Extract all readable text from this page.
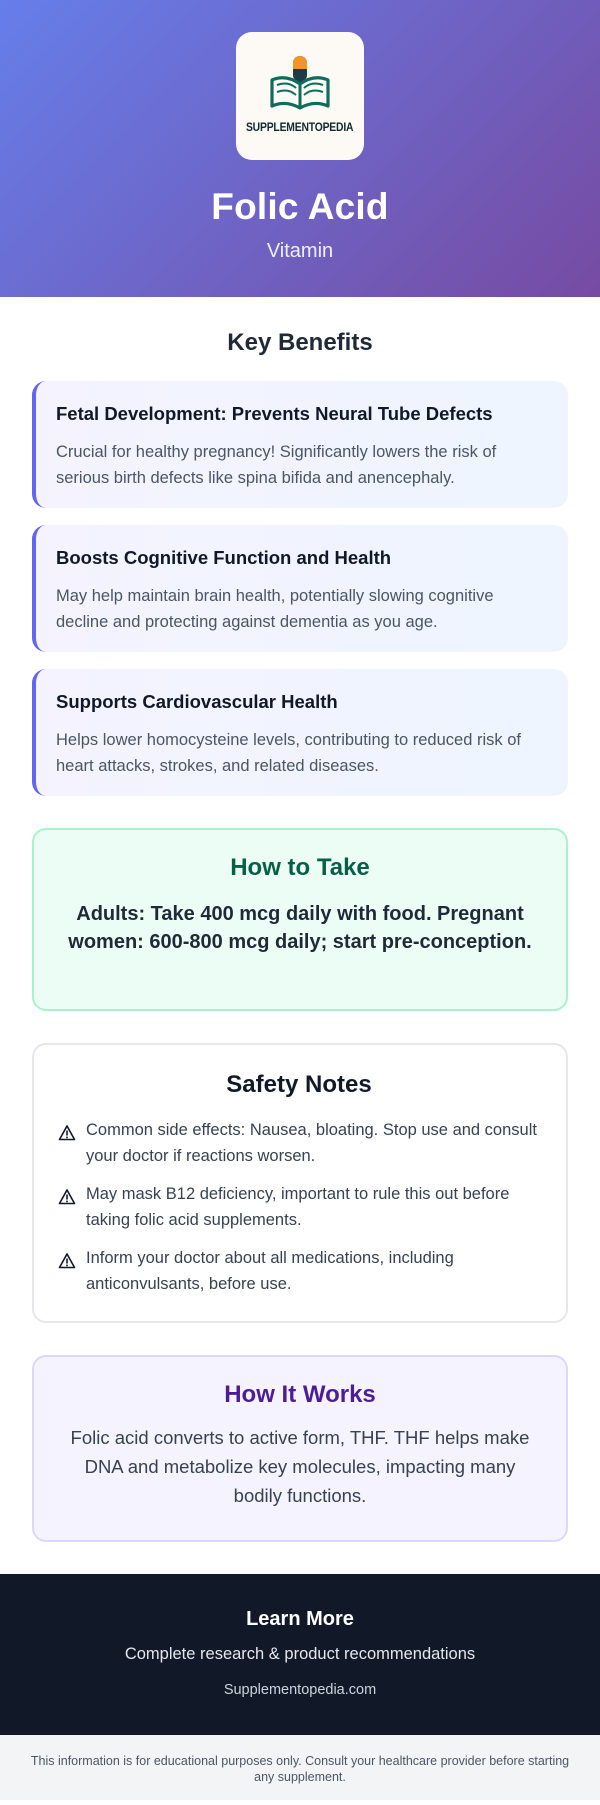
SUPPLEMENTOPEDIA
Folic Acid
Vitamin
Key Benefits
Fetal Development: Prevents Neural Tube Defects

Crucial for healthy pregnancy! Significantly lowers the risk of serious birth defects like spina bifida and anencephaly.

Boosts Cognitive Function and Health

May help maintain brain health, potentially slowing cognitive decline and protecting against dementia as you age.

Supports Cardiovascular Health

Helps lower homocysteine levels, contributing to reduced risk of heart attacks, strokes, and related diseases.

How to Take

Adults: Take 400 mcg daily with food. Pregnant women: 600-800 mcg daily; start pre-conception.

Safety Notes
Common side effects: Nausea, bloating. Stop use and consult your doctor if reactions worsen.
May mask B12 deficiency, important to rule this out before taking folic acid supplements.
Inform your doctor about all medications, including anticonvulsants, before use.
How It Works

Folic acid converts to active form, THF. THF helps make DNA and metabolize key molecules, impacting many bodily functions.

Learn More
Complete research & product recommendations
Supplementopedia.com
This information is for educational purposes only. Consult your healthcare provider before starting any supplement.
